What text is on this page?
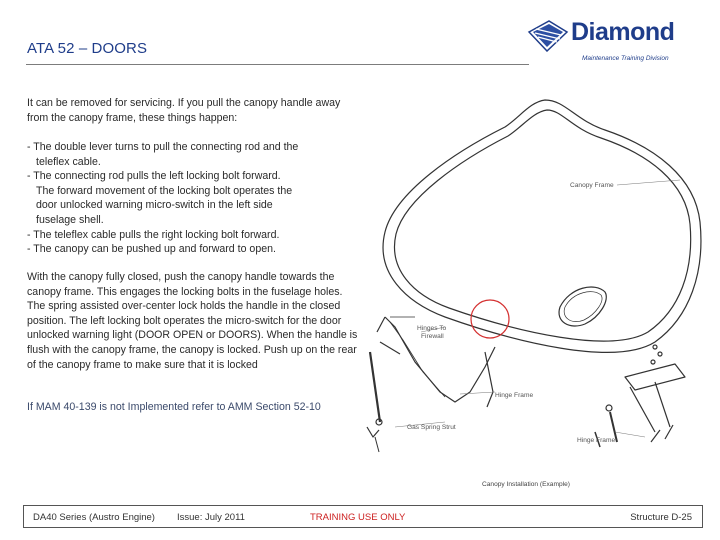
ATA 52 – DOORS
Diamond
Maintenance Training Division
It can be removed for servicing. If you pull the canopy handle away from the canopy frame, these things happen:
- The double lever turns to pull the connecting rod and the
teleflex cable.
- The connecting rod pulls the left locking bolt forward.
The forward movement of the locking bolt operates the
door unlocked warning micro-switch in the left side
fuselage shell.
- The teleflex cable pulls the right locking bolt forward.
- The canopy can be pushed up and forward to open.
With the canopy fully closed, push the canopy handle towards the canopy frame. This engages the locking bolts in the fuselage holes. The spring assisted over-center lock holds the handle in the closed position. The left locking bolt operates the micro-switch for the door unlocked warning light (DOOR OPEN or DOORS). When the handle is flush with the canopy frame, the canopy is locked. Push up on the rear of the canopy frame to make sure that it is locked
If MAM 40-139 is not Implemented refer to AMM Section 52-10
Canopy Frame
Hinges To
Firewall
Hinge Frame
Gas Spring Strut
Hinge Frame
Canopy Installation (Example)
DA40 Series (Austro Engine) Issue: July 2011	TRAINING USE ONLY	Structure D-25
